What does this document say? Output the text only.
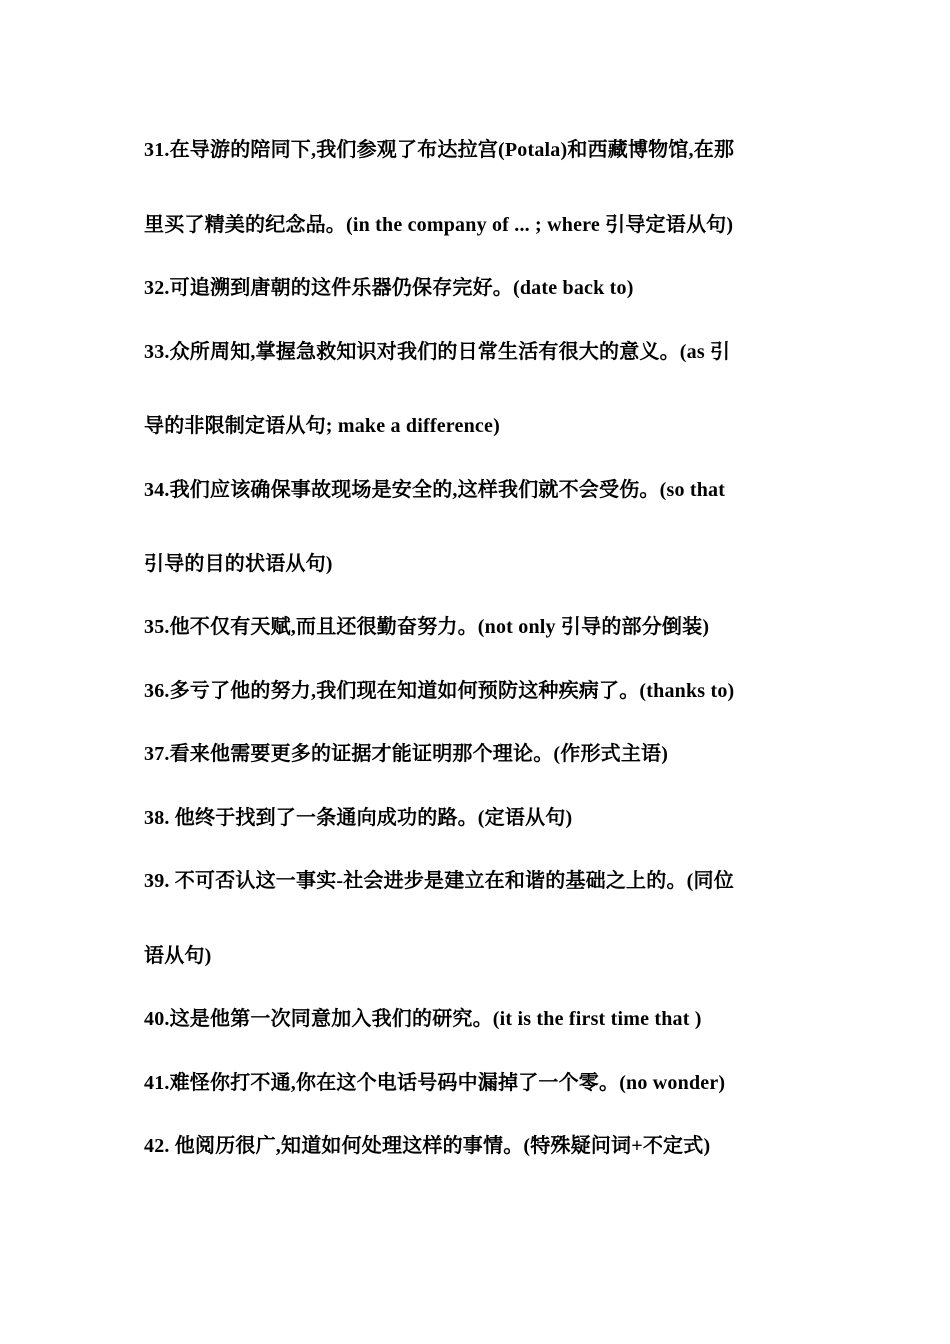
31.在导游的陪同下,我们参观了布达拉宫(Potala)和西藏博物馆,在那
里买了精美的纪念品。(in the company of ... ; where 引导定语从句)
32.可追溯到唐朝的这件乐器仍保存完好。(date back to)
33.众所周知,掌握急救知识对我们的日常生活有很大的意义。(as 引
导的非限制定语从句; make a difference)
34.我们应该确保事故现场是安全的,这样我们就不会受伤。(so that
引导的目的状语从句)
35.他不仅有天赋,而且还很勤奋努力。(not only 引导的部分倒装)
36.多亏了他的努力,我们现在知道如何预防这种疾病了。(thanks to)
37.看来他需要更多的证据才能证明那个理论。(作形式主语)
38. 他终于找到了一条通向成功的路。(定语从句)
39. 不可否认这一事实-社会进步是建立在和谐的基础之上的。(同位
语从句)
40.这是他第一次同意加入我们的研究。(it is the first time that )
41.难怪你打不通,你在这个电话号码中漏掉了一个零。(no wonder)
42. 他阅历很广,知道如何处理这样的事情。(特殊疑问词+不定式)
